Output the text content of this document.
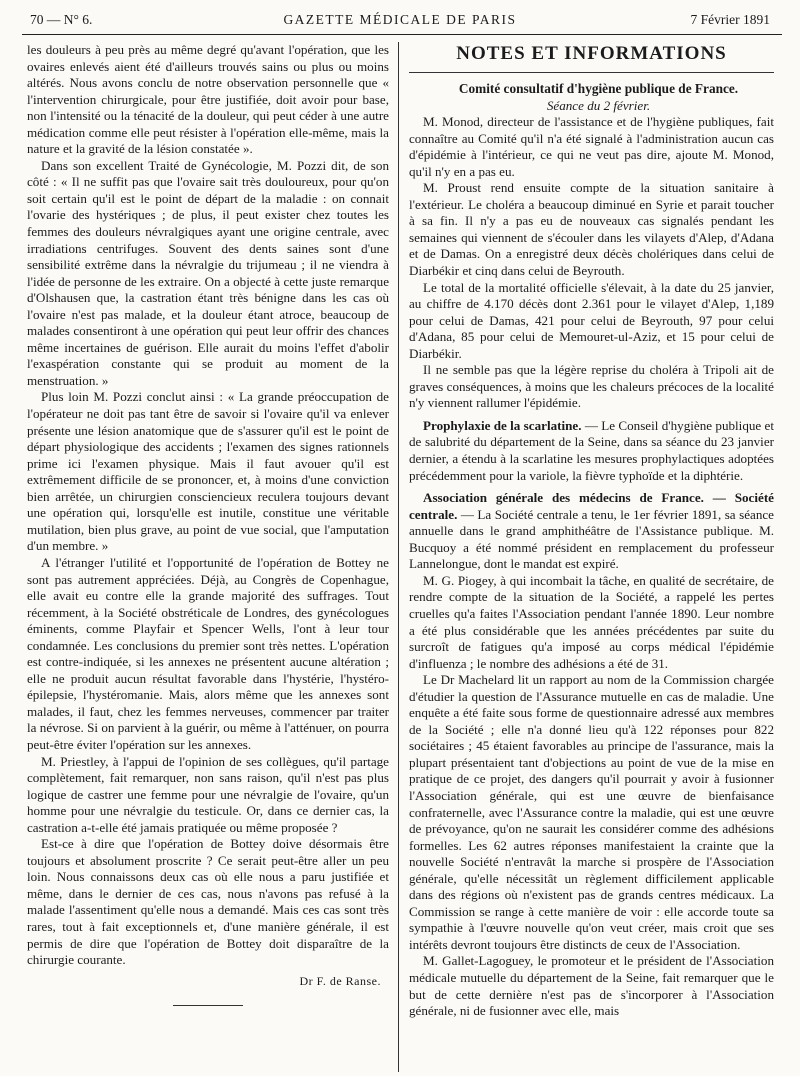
70 — N° 6.	GAZETTE MÉDICALE DE PARIS	7 Février 1891

les douleurs à peu près au même degré qu'avant l'opération, que les ovaires enlevés aient été d'ailleurs trouvés sains ou plus ou moins altérés. Nous avons conclu de notre observation personnelle que « l'intervention chirurgicale, pour être justifiée, doit avoir pour base, non l'intensité ou la ténacité de la douleur, qui peut céder à une autre médication comme elle peut résister à l'opération elle-même, mais la nature et la gravité de la lésion constatée ».

Dans son excellent Traité de Gynécologie, M. Pozzi dit, de son côté : « Il ne suffit pas que l'ovaire sait très douloureux, pour qu'on soit certain qu'il est le point de départ de la maladie : on connait l'ovarie des hystériques ; de plus, il peut exister chez toutes les femmes des douleurs névralgiques ayant une origine centrale, avec irradiations centrifuges. Souvent des dents saines sont d'une sensibilité extrême dans la névralgie du trijumeau ; il ne viendra à l'idée de personne de les extraire. On a objecté à cette juste remarque d'Olshausen que, la castration étant très bénigne dans les cas où l'ovaire n'est pas malade, et la douleur étant atroce, beaucoup de malades consentiront à une opération qui peut leur offrir des chances même incertaines de guérison. Elle aurait du moins l'effet d'abolir l'exaspération constante qui se produit au moment de la menstruation. »

Plus loin M. Pozzi conclut ainsi : « La grande préoccupation de l'opérateur ne doit pas tant être de savoir si l'ovaire qu'il va enlever présente une lésion anatomique que de s'assurer qu'il est le point de départ physiologique des accidents ; l'examen des signes rationnels prime ici l'examen physique. Mais il faut avouer qu'il est extrêmement difficile de se prononcer, et, à moins d'une conviction bien arrêtée, un chirurgien consciencieux reculera toujours devant une opération qui, lorsqu'elle est inutile, constitue une véritable mutilation, bien plus grave, au point de vue social, que l'amputation d'un membre. »

A l'étranger l'utilité et l'opportunité de l'opération de Bottey ne sont pas autrement appréciées. Déjà, au Congrès de Copenhague, elle avait eu contre elle la grande majorité des suffrages. Tout récemment, à la Société obstréticale de Londres, des gynécologues éminents, comme Playfair et Spencer Wells, l'ont à leur tour condamnée. Les conclusions du premier sont très nettes. L'opération est contre-indiquée, si les annexes ne présentent aucune altération ; elle ne produit aucun résultat favorable dans l'hystérie, l'hystéro-épilepsie, l'hystéromanie. Mais, alors même que les annexes sont malades, il faut, chez les femmes nerveuses, commencer par traiter la névrose. Si on parvient à la guérir, ou même à l'atténuer, on pourra peut-être éviter l'opération sur les annexes.

M. Priestley, à l'appui de l'opinion de ses collègues, qu'il partage complètement, fait remarquer, non sans raison, qu'il n'est pas plus logique de castrer une femme pour une névralgie de l'ovaire, qu'un homme pour une névralgie du testicule. Or, dans ce dernier cas, la castration a-t-elle été jamais pratiquée ou même proposée ?

Est-ce à dire que l'opération de Bottey doive désormais être toujours et absolument proscrite ? Ce serait peut-être aller un peu loin. Nous connaissons deux cas où elle nous a paru justifiée et même, dans le dernier de ces cas, nous n'avons pas refusé à la malade l'assentiment qu'elle nous a demandé. Mais ces cas sont très rares, tout à fait exceptionnels et, d'une manière générale, il est permis de dire que l'opération de Bottey doit disparaître de la chirurgie courante.

Dr F. de Ranse.
NOTES ET INFORMATIONS

Comité consultatif d'hygiène publique de France.

Séance du 2 février.

M. Monod, directeur de l'assistance et de l'hygiène publiques, fait connaître au Comité qu'il n'a été signalé à l'administration aucun cas d'épidémie à l'intérieur, ce qui ne veut pas dire, ajoute M. Monod, qu'il n'y en a pas eu.

M. Proust rend ensuite compte de la situation sanitaire à l'extérieur. Le choléra a beaucoup diminué en Syrie et parait toucher à sa fin. Il n'y a pas eu de nouveaux cas signalés pendant les semaines qui viennent de s'écouler dans les vilayets d'Alep, d'Adana et de Damas. On a enregistré deux décès cholériques dans celui de Diarbékir et cinq dans celui de Beyrouth.

Le total de la mortalité officielle s'élevait, à la date du 25 janvier, au chiffre de 4.170 décès dont 2.361 pour le vilayet d'Alep, 1,189 pour celui de Damas, 421 pour celui de Beyrouth, 97 pour celui d'Adana, 85 pour celui de Memouret-ul-Aziz, et 15 pour celui de Diarbékir.

Il ne semble pas que la légère reprise du choléra à Tripoli ait de graves conséquences, à moins que les chaleurs précoces de la localité n'y viennent rallumer l'épidémie.

Prophylaxie de la scarlatine. — Le Conseil d'hygiène publique et de salubrité du département de la Seine, dans sa séance du 23 janvier dernier, a étendu à la scarlatine les mesures prophylactiques adoptées précédemment pour la variole, la fièvre typhoïde et la diphtérie.

Association générale des médecins de France. — Société centrale. — La Société centrale a tenu, le 1er février 1891, sa séance annuelle dans le grand amphithéâtre de l'Assistance publique. M. Bucquoy a été nommé président en remplacement du professeur Lannelongue, dont le mandat est expiré.

M. G. Piogey, à qui incombait la tâche, en qualité de secrétaire, de rendre compte de la situation de la Société, a rappelé les pertes cruelles qu'a faites l'Association pendant l'année 1890. Leur nombre a été plus considérable que les années précédentes par suite du surcroît de fatigues qu'a imposé au corps médical l'épidémie d'influenza ; le nombre des adhésions a été de 31.

Le Dr Machelard lit un rapport au nom de la Commission chargée d'étudier la question de l'Assurance mutuelle en cas de maladie. Une enquête a été faite sous forme de questionnaire adressé aux membres de la Société ; elle n'a donné lieu qu'à 122 réponses pour 822 sociétaires ; 45 étaient favorables au principe de l'assurance, mais la plupart présentaient tant d'objections au point de vue de la mise en pratique de ce projet, des dangers qu'il pourrait y avoir à fusionner l'Association générale, qui est une œuvre de bienfaisance confraternelle, avec l'Assurance contre la maladie, qui est une œuvre de prévoyance, qu'on ne saurait les considérer comme des adhésions formelles. Les 62 autres réponses manifestaient la crainte que la nouvelle Société n'entravât la marche si prospère de l'Association générale, qu'elle nécessitât un règlement difficilement applicable dans des régions où n'existent pas de grands centres médicaux. La Commission se range à cette manière de voir : elle accorde toute sa sympathie à l'œuvre nouvelle qu'on veut créer, mais croit que ses intérêts devront toujours être distincts de ceux de l'Association.

M. Gallet-Lagoguey, le promoteur et le président de l'Association médicale mutuelle du département de la Seine, fait remarquer que le but de cette dernière n'est pas de s'incorporer à l'Association générale, ni de fusionner avec elle, mais
